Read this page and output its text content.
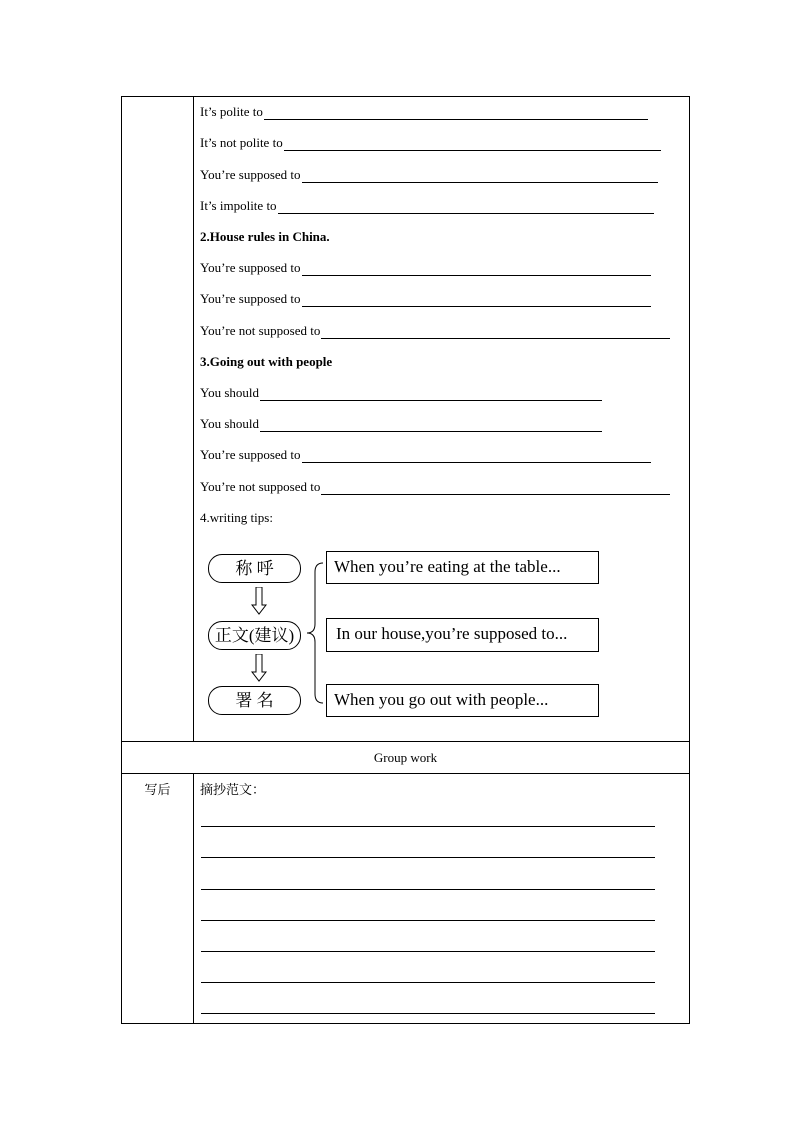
It’s polite to
It’s not polite to
You’re supposed to
It’s impolite to
2.House rules in China.
You’re supposed to
You’re supposed to
You’re not supposed to
3.Going out with people
You should
You should
You’re supposed to
You’re not supposed to
4.writing tips:
称 呼
正文(建议)
署 名
When you’re eating at the table...
In our house,you’re supposed to...
When you go out with people...
Group work
写后	摘抄范文：
